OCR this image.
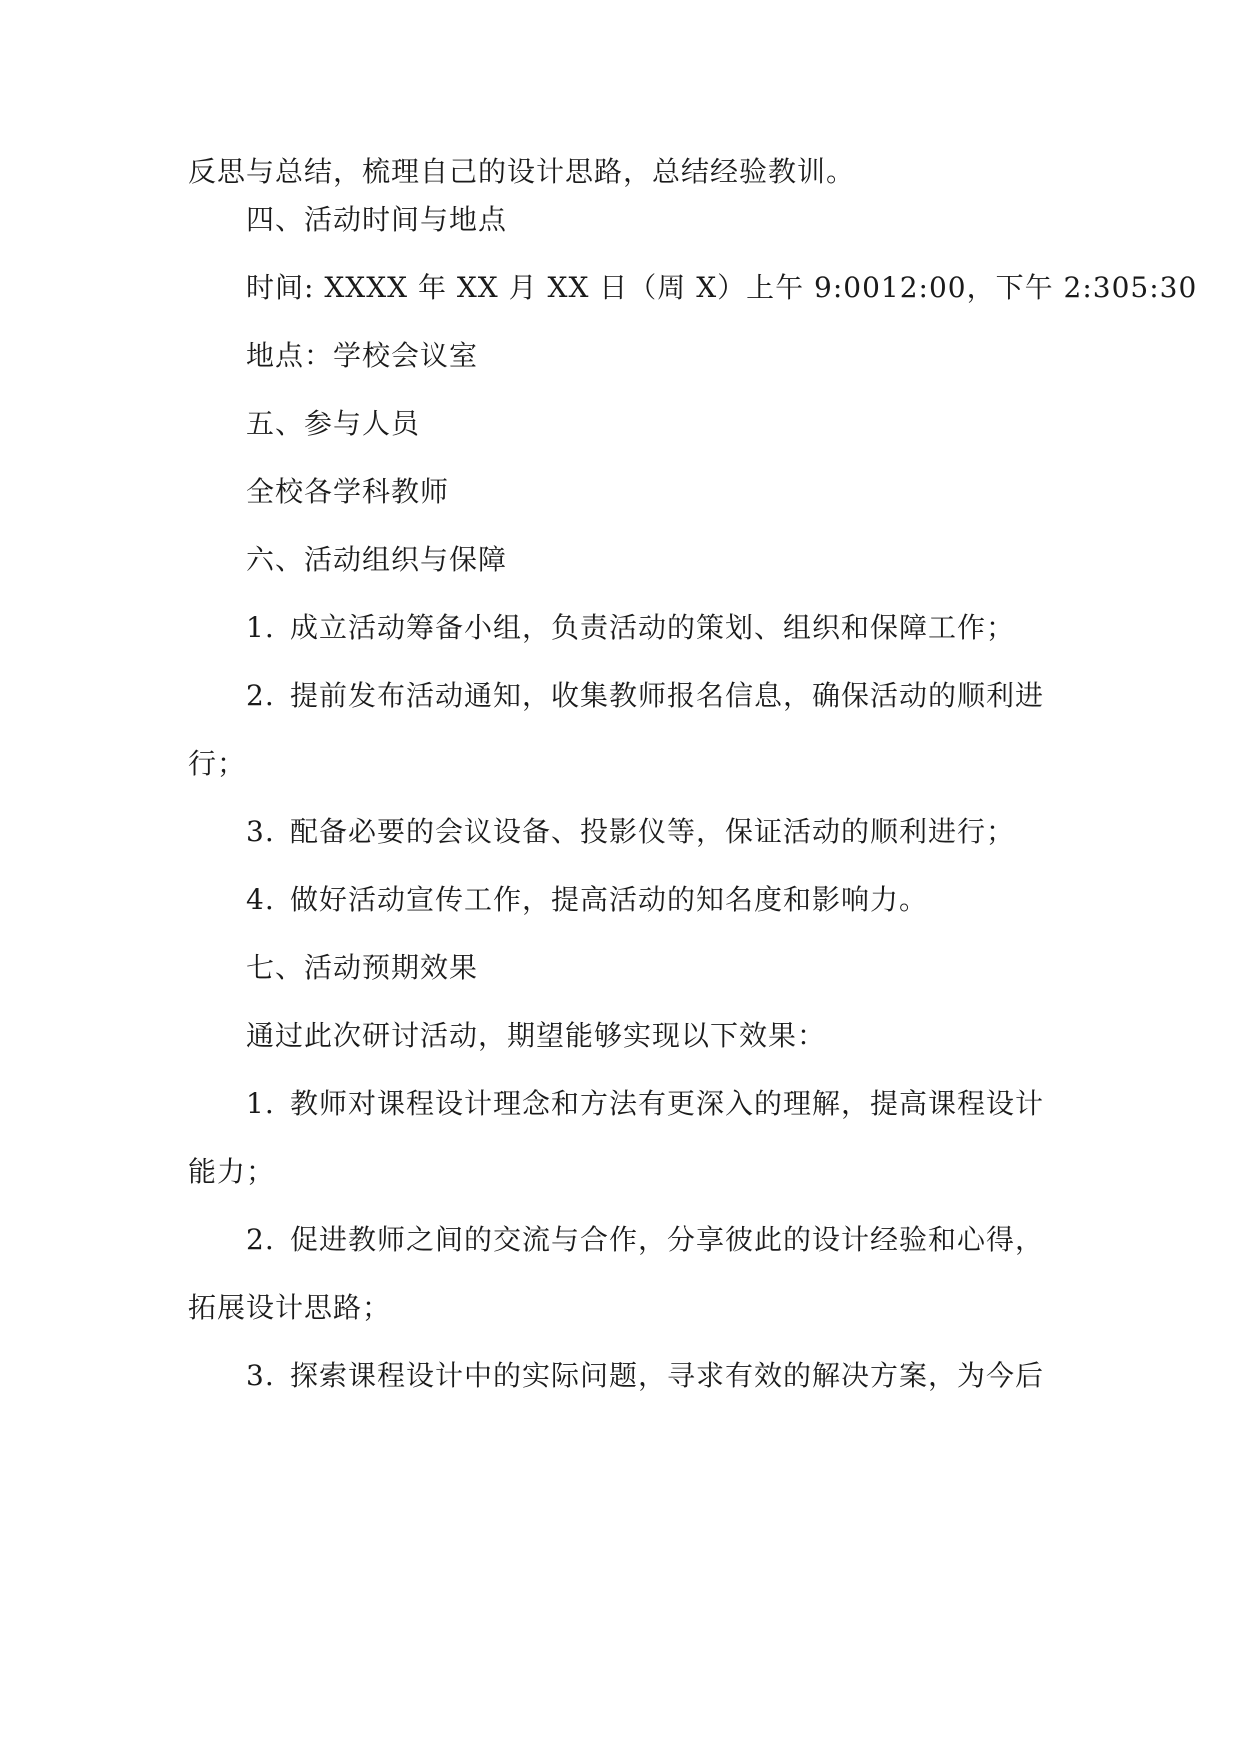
反思与总结，梳理自己的设计思路，总结经验教训。
四、活动时间与地点
时间: XXXX 年 XX 月 XX 日（周 X）上午 9:0012:00，下午 2:305:30
地点：学校会议室
五、参与人员
全校各学科教师
六、活动组织与保障
1. 成立活动筹备小组，负责活动的策划、组织和保障工作；
2. 提前发布活动通知，收集教师报名信息，确保活动的顺利进
行；
3. 配备必要的会议设备、投影仪等，保证活动的顺利进行；
4. 做好活动宣传工作，提高活动的知名度和影响力。
七、活动预期效果
通过此次研讨活动，期望能够实现以下效果：
1. 教师对课程设计理念和方法有更深入的理解，提高课程设计
能力；
2. 促进教师之间的交流与合作，分享彼此的设计经验和心得，
拓展设计思路；
3. 探索课程设计中的实际问题，寻求有效的解决方案，为今后
